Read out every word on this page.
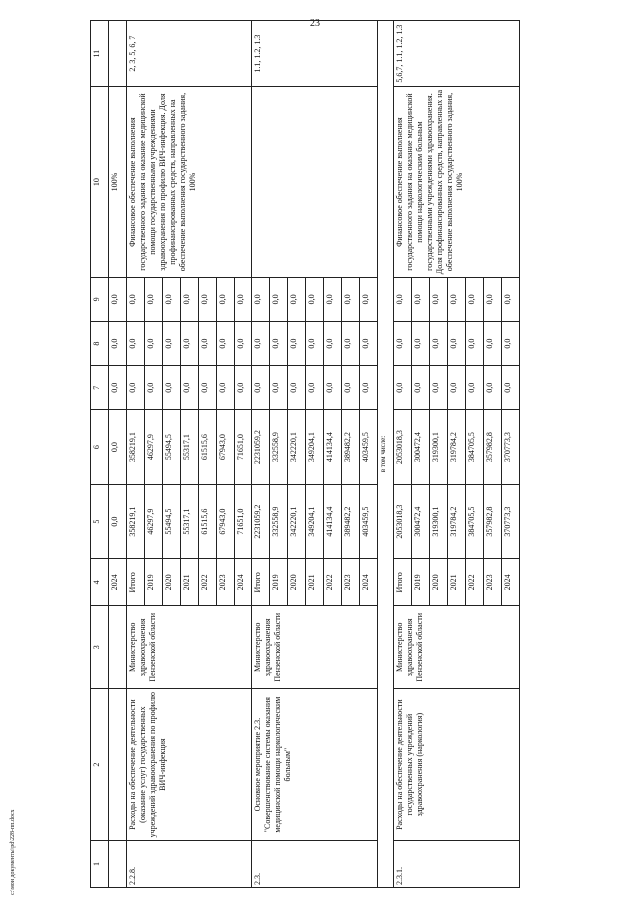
23
c:\мои документы\pd\228-пп.docx	1	2	3	4	5	6	7	8	9	10	11
			2024	0,0	0,0	0,0	0,0	0,0	100%	
2.2.8.	Расходы на обеспечение деятельности (оказание услуг) государственных учреждений здравоохранения по профилю ВИЧ-инфекция	Министерство здравоохранения Пензенской области	Итого	358219,1	358219,1	0,0	0,0	0,0	Финансовое обеспечение выполнения государственного задания на оказание медицинской помощи государственными учреждениями здравоохранения по профилю ВИЧ-инфекция. Доля профинансированных средств, направленных на обеспечение выполнения государственного задания, 100%	2, 3, 5, 6, 7
			2019	46297,9	46297,9	0,0	0,0	0,0		
			2020	55494,5	55494,5	0,0	0,0	0,0		
			2021	55317,1	55317,1	0,0	0,0	0,0		
			2022	61515,6	61515,6	0,0	0,0	0,0		
			2023	67943,0	67943,0	0,0	0,0	0,0		
			2024	71651,0	71651,0	0,0	0,0	0,0		
2.3.	Основное мероприятие 2.3. "Совершенствование системы оказания медицинской помощи наркологическим больным"	Министерство здравоохранения Пензенской области	Итого	2231059,2	2231059,2	0,0	0,0	0,0		1.1, 1.2, 1.3
			2019	332558,9	332558,9	0,0	0,0	0,0		
			2020	342220,1	342220,1	0,0	0,0	0,0		
			2021	349204,1	349204,1	0,0	0,0	0,0		
			2022	414134,4	414134,4	0,0	0,0	0,0		
			2023	389482,2	389482,2	0,0	0,0	0,0		
			2024	403459,5	403459,5	0,0	0,0	0,0		
в том числе:										
2.3.1.	Расходы на обеспечение деятельности государственных учреждений здравоохранения (наркология)	Министерство здравоохранения Пензенской области	Итого	2053018,3	2053018,3	0,0	0,0	0,0	Финансовое обеспечение выполнения государственного задания на оказание медицинской помощи наркологическим больным государственными учреждениями здравоохранения. Доля профинансированных средств, направленных на обеспечение выполнения государственного задания, 100%	5,6,7, 1.1, 1.2, 1.3
			2019	300472,4	300472,4	0,0	0,0	0,0		
			2020	319300,1	319300,1	0,0	0,0	0,0		
			2021	319784,2	319784,2	0,0	0,0	0,0		
			2022	384705,5	384705,5	0,0	0,0	0,0		
			2023	357982,8	357982,8	0,0	0,0	0,0		
			2024	370773,3	370773,3	0,0	0,0	0,0		
